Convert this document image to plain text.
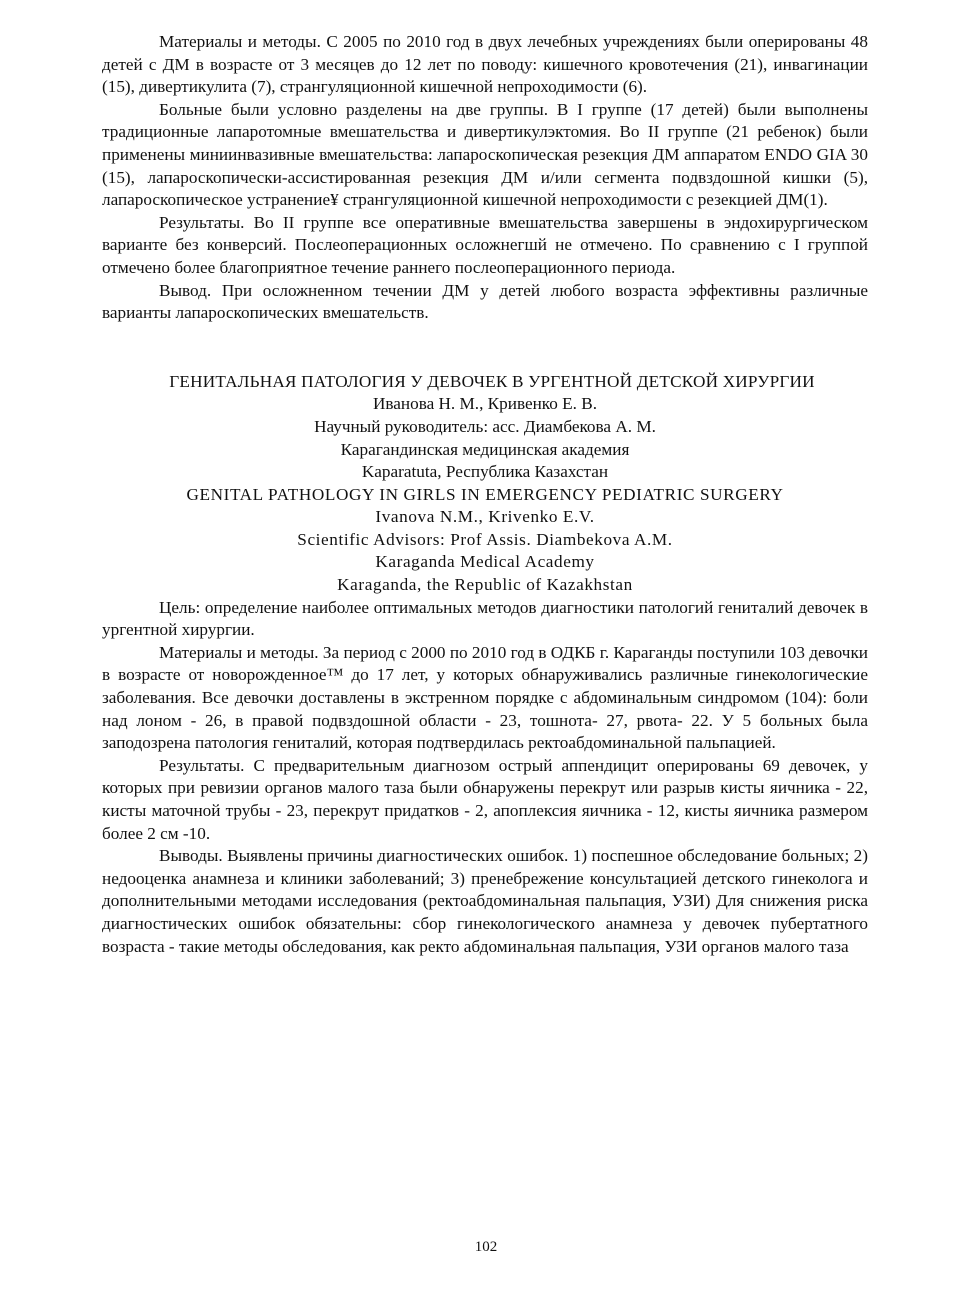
Материалы и методы. С 2005 по 2010 год в двух лечебных учреждениях были оперированы 48 детей с ДМ в возрасте от 3 месяцев до 12 лет по поводу: кишечного кровотечения (21), инвагинации (15), дивертикулита (7), странгуляционной кишечной непроходимости (6).

Больные были условно разделены на две группы. В I группе (17 детей) были выполнены традиционные лапаротомные вмешательства и дивертикулэктомия. Во II группе (21 ребенок) были применены миниинвазивные вмешательства: лапароскопическая резекция ДМ аппаратом ENDO GIA 30 (15), лапароскопически-ассистированная резекция ДМ и/или сегмента подвздошной кишки (5), лапароскопическое устранение¥ странгуляционной кишечной непроходимости с резекцией ДМ(1).

Результаты. Во II группе все оперативные вмешательства завершены в эндохирургическом варианте без конверсий. Послеоперационных осложнегшй не отмечено. По сравнению с I группой отмечено более благоприятное течение раннего послеоперационного периода.

Вывод. При осложненном течении ДМ у детей любого возраста эффективны различные варианты лапароскопических вмешательств.

ГЕНИТАЛЬНАЯ ПАТОЛОГИЯ У ДЕВОЧЕК В УРГЕНТНОЙ ДЕТСКОЙ ХИРУРГИИ

Иванова Н. М., Кривенко Е. В.

Научный руководитель: асс. Диамбекова А. М.

Карагандинская медицинская академия

Kaparatuta, Республика Казахстан

GENITAL PATHOLOGY IN GIRLS IN EMERGENCY PEDIATRIC SURGERY

Ivanova N.M., Krivenko E.V.

Scientific Advisors: Prof Assis. Diambekova A.M.

Karaganda Medical Academy

Karaganda, the Republic of Kazakhstan

Цель: определение наиболее оптимальных методов диагностики патологий гениталий девочек в ургентной хирургии.

Материалы и методы. За период с 2000 по 2010 год в ОДКБ г. Караганды поступили 103 девочки в возрасте от новорожденное™ до 17 лет, у которых обнаруживались различные гинекологические заболевания. Все девочки доставлены в экстренном порядке с абдоминальным синдромом (104): боли над лоном - 26, в правой подвздошной области - 23, тошнота- 27, рвота- 22. У 5 больных была заподозрена патология гениталий, которая подтвердилась ректоабдоминальной пальпацией.

Результаты. С предварительным диагнозом острый аппендицит оперированы 69 девочек, у которых при ревизии органов малого таза были обнаружены перекрут или разрыв кисты яичника - 22, кисты маточной трубы - 23, перекрут придатков - 2, апоплексия яичника - 12, кисты яичника размером более 2 см -10.

Выводы. Выявлены причины диагностических ошибок. 1) поспешное обследование больных; 2) недооценка анамнеза и клиники заболеваний; 3) пренебрежение консультацией детского гинеколога и дополнительными методами исследования (ректоабдоминальная пальпация, УЗИ) Для снижения риска диагностических ошибок обязательны: сбор гинекологического анамнеза у девочек пубертатного возраста - такие методы обследования, как ректо абдоминальная пальпация, УЗИ органов малого таза

102
